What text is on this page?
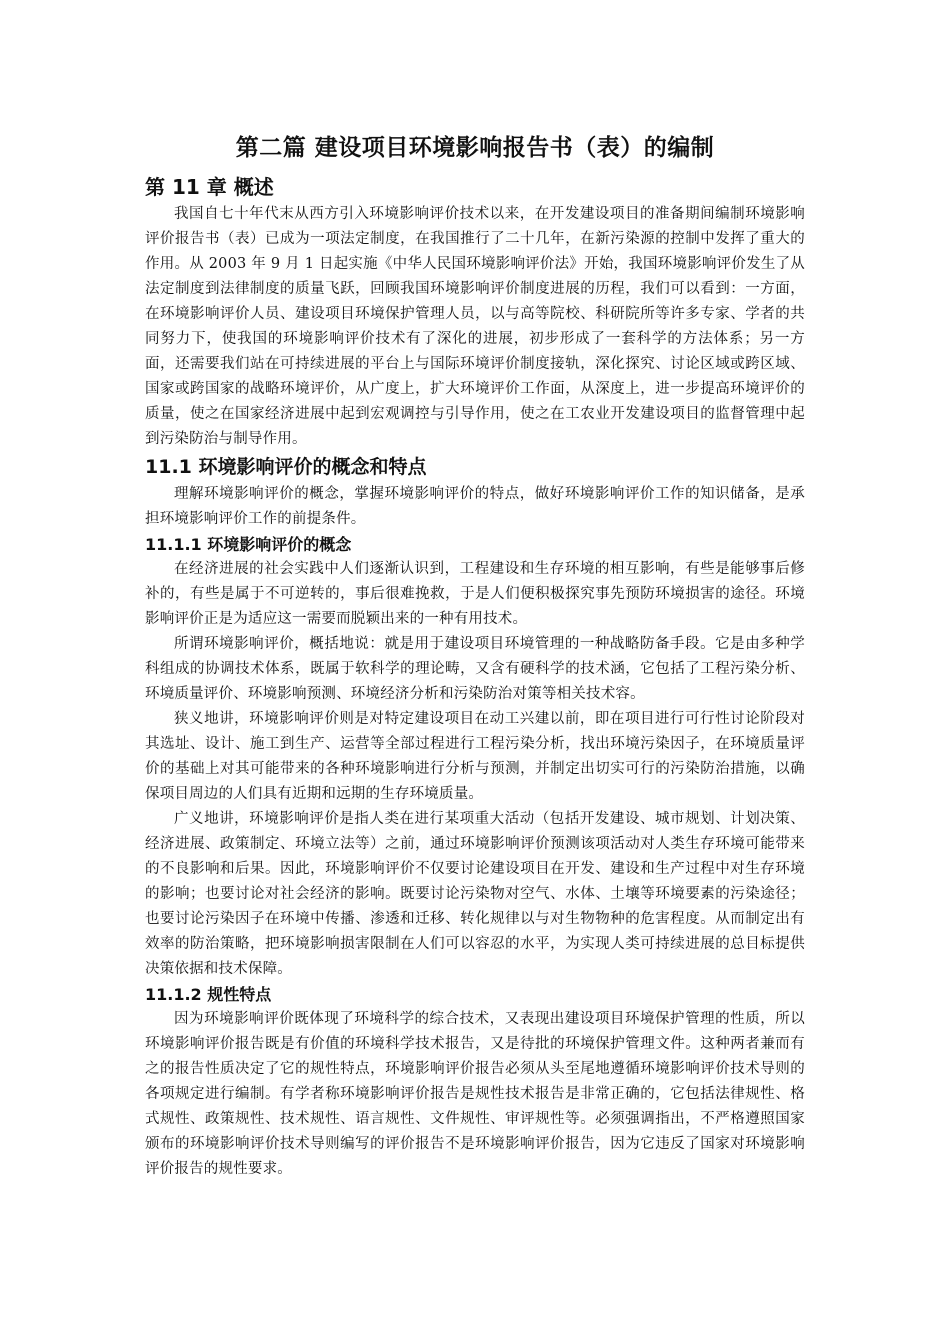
第二篇 建设项目环境影响报告书（表）的编制
第 11 章 概述

我国自七十年代末从西方引入环境影响评价技术以来，在开发建设项目的准备期间编制环境影响评价报告书（表）已成为一项法定制度，在我国推行了二十几年，在新污染源的控制中发挥了重大的作用。从 2003 年 9 月 1 日起实施《中华人民国环境影响评价法》开始，我国环境影响评价发生了从法定制度到法律制度的质量飞跃，回顾我国环境影响评价制度进展的历程，我们可以看到：一方面，在环境影响评价人员、建设项目环境保护管理人员，以与高等院校、科研院所等许多专家、学者的共同努力下，使我国的环境影响评价技术有了深化的进展，初步形成了一套科学的方法体系；另一方面，还需要我们站在可持续进展的平台上与国际环境评价制度接轨，深化探究、讨论区域或跨区域、国家或跨国家的战略环境评价，从广度上，扩大环境评价工作面，从深度上，进一步提高环境评价的质量，使之在国家经济进展中起到宏观调控与引导作用，使之在工农业开发建设项目的监督管理中起到污染防治与制导作用。

11.1 环境影响评价的概念和特点

理解环境影响评价的概念，掌握环境影响评价的特点，做好环境影响评价工作的知识储备，是承担环境影响评价工作的前提条件。

11.1.1 环境影响评价的概念

在经济进展的社会实践中人们逐渐认识到，工程建设和生存环境的相互影响，有些是能够事后修补的，有些是属于不可逆转的，事后很难挽救，于是人们便积极探究事先预防环境损害的途径。环境影响评价正是为适应这一需要而脱颖出来的一种有用技术。

所谓环境影响评价，概括地说：就是用于建设项目环境管理的一种战略防备手段。它是由多种学科组成的协调技术体系，既属于软科学的理论畴，又含有硬科学的技术涵，它包括了工程污染分析、环境质量评价、环境影响预测、环境经济分析和污染防治对策等相关技术容。

狭义地讲，环境影响评价则是对特定建设项目在动工兴建以前，即在项目进行可行性讨论阶段对其选址、设计、施工到生产、运营等全部过程进行工程污染分析，找出环境污染因子，在环境质量评价的基础上对其可能带来的各种环境影响进行分析与预测，并制定出切实可行的污染防治措施，以确保项目周边的人们具有近期和远期的生存环境质量。

广义地讲，环境影响评价是指人类在进行某项重大活动（包括开发建设、城市规划、计划决策、经济进展、政策制定、环境立法等）之前，通过环境影响评价预测该项活动对人类生存环境可能带来的不良影响和后果。因此，环境影响评价不仅要讨论建设项目在开发、建设和生产过程中对生存环境的影响；也要讨论对社会经济的影响。既要讨论污染物对空气、水体、土壤等环境要素的污染途径；也要讨论污染因子在环境中传播、渗透和迁移、转化规律以与对生物物种的危害程度。从而制定出有效率的防治策略，把环境影响损害限制在人们可以容忍的水平，为实现人类可持续进展的总目标提供决策依据和技术保障。

11.1.2 规性特点

因为环境影响评价既体现了环境科学的综合技术，又表现出建设项目环境保护管理的性质，所以环境影响评价报告既是有价值的环境科学技术报告，又是待批的环境保护管理文件。这种两者兼而有之的报告性质决定了它的规性特点，环境影响评价报告必须从头至尾地遵循环境影响评价技术导则的各项规定进行编制。有学者称环境影响评价报告是规性技术报告是非常正确的，它包括法律规性、格式规性、政策规性、技术规性、语言规性、文件规性、审评规性等。必须强调指出，不严格遵照国家颁布的环境影响评价技术导则编写的评价报告不是环境影响评价报告，因为它违反了国家对环境影响评价报告的规性要求。
